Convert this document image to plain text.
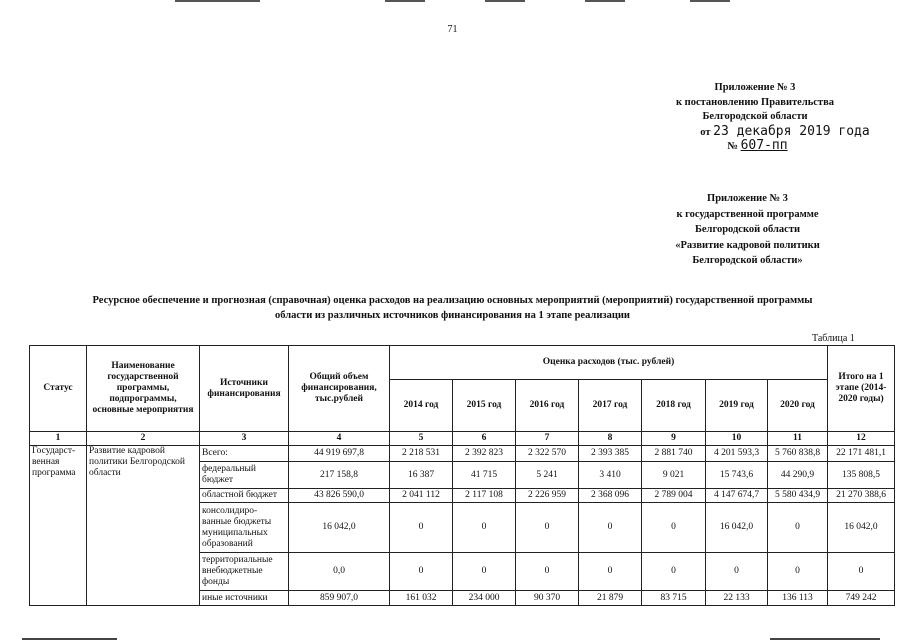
71
Приложение № 3
к постановлению Правительства
Белгородской области
от 23 декабря 2019 года
№ 607-пп
Приложение № 3
к государственной программе
Белгородской области
«Развитие кадровой политики
Белгородской области»
Ресурсное обеспечение и прогнозная (справочная) оценка расходов на реализацию основных мероприятий (мероприятий) государственной программы
области из различных источников финансирования на 1 этапе реализации
Таблица 1
Статус	Наименование государственной программы, подпрограммы, основные мероприятия	Источники финансирования	Общий объем финансирования, тыс.рублей	Оценка расходов (тыс. рублей)							Итого на 1 этапе (2014-2020 годы)
				2014 год	2015 год	2016 год	2017 год	2018 год	2019 год	2020 год	
1	2	3	4	5	6	7	8	9	10	11	12
Государст-венная программа	Развитие кадровой политики Белгородской области	Всего:	44 919 697,8	2 218 531	2 392 823	2 322 570	2 393 385	2 881 740	4 201 593,3	5 760 838,8	22 171 481,1
		федеральный бюджет	217 158,8	16 387	41 715	5 241	3 410	9 021	15 743,6	44 290,9	135 808,5
		областной бюджет	43 826 590,0	2 041 112	2 117 108	2 226 959	2 368 096	2 789 004	4 147 674,7	5 580 434,9	21 270 388,6
		консолидиро-ванные бюджеты муниципальных образований	16 042,0	0	0	0	0	0	16 042,0	0	16 042,0
		территориальные внебюджетные фонды	0,0	0	0	0	0	0	0	0	0
		иные источники	859 907,0	161 032	234 000	90 370	21 879	83 715	22 133	136 113	749 242
